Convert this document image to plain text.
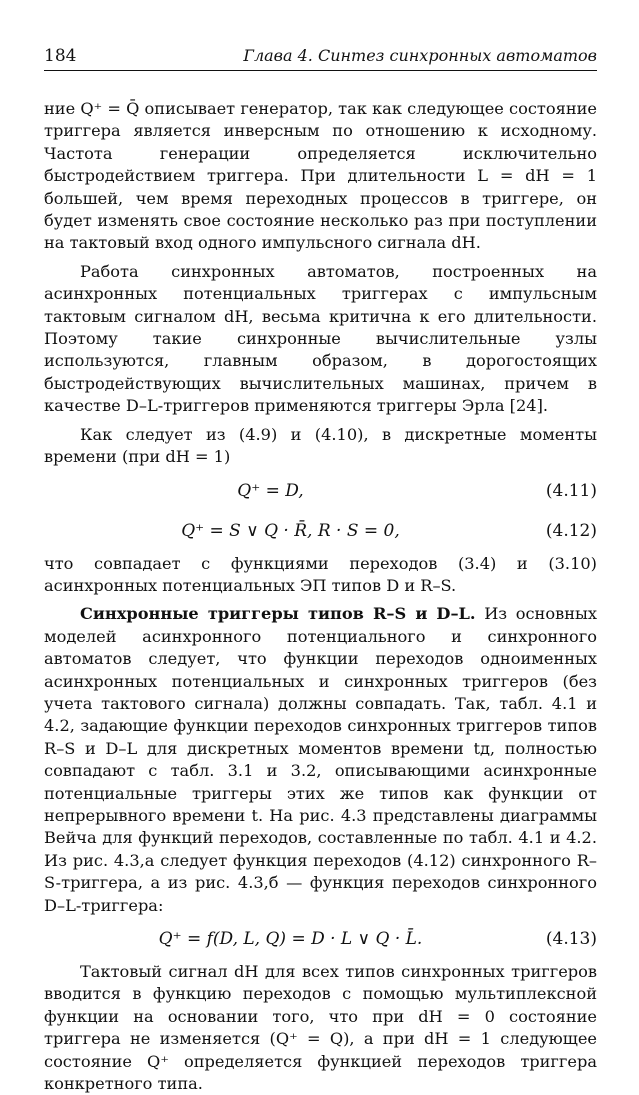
184	Глава 4. Синтез синхронных автоматов

ние Q⁺ = Q̄ описывает генератор, так как следующее состояние триггера является инверсным по отношению к исходному. Частота генерации определяется исключительно быстродействием триггера. При длительности L = dH = 1 большей, чем время переходных процессов в триггере, он будет изменять свое состояние несколько раз при поступлении на тактовый вход одного импульсного сигнала dH.

Работа синхронных автоматов, построенных на асинхронных потенциальных триггерах с импульсным тактовым сигналом dH, весьма критична к его длительности. Поэтому такие синхронные вычислительные узлы используются, главным образом, в дорогостоящих быстродействующих вычислительных машинах, причем в качестве D–L-триггеров применяются триггеры Эрла [24].

Как следует из (4.9) и (4.10), в дискретные моменты времени (при dH = 1)

Q⁺ = D,	(4.11)
Q⁺ = S ∨ Q · R̄, R · S = 0,	(4.12)

что совпадает с функциями переходов (3.4) и (3.10) асинхронных потенциальных ЭП типов D и R–S.

Синхронные триггеры типов R–S и D–L. Из основных моделей асинхронного потенциального и синхронного автоматов следует, что функции переходов одноименных асинхронных потенциальных и синхронных триггеров (без учета тактового сигнала) должны совпадать. Так, табл. 4.1 и 4.2, задающие функции переходов синхронных триггеров типов R–S и D–L для дискретных моментов времени tд, полностью совпадают с табл. 3.1 и 3.2, описывающими асинхронные потенциальные триггеры этих же типов как функции от непрерывного времени t. На рис. 4.3 представлены диаграммы Вейча для функций переходов, составленные по табл. 4.1 и 4.2. Из рис. 4.3,а следует функция переходов (4.12) синхронного R–S-триггера, а из рис. 4.3,б — функция переходов синхронного D–L-триггера:

Q⁺ = f(D, L, Q) = D · L ∨ Q · L̄.	(4.13)

Тактовый сигнал dH для всех типов синхронных триггеров вводится в функцию переходов с помощью мультиплексной функции на основании того, что при dH = 0 состояние триггера не изменяется (Q⁺ = Q), а при dH = 1 следующее состояние Q⁺ определяется функцией переходов триггера конкретного типа.
